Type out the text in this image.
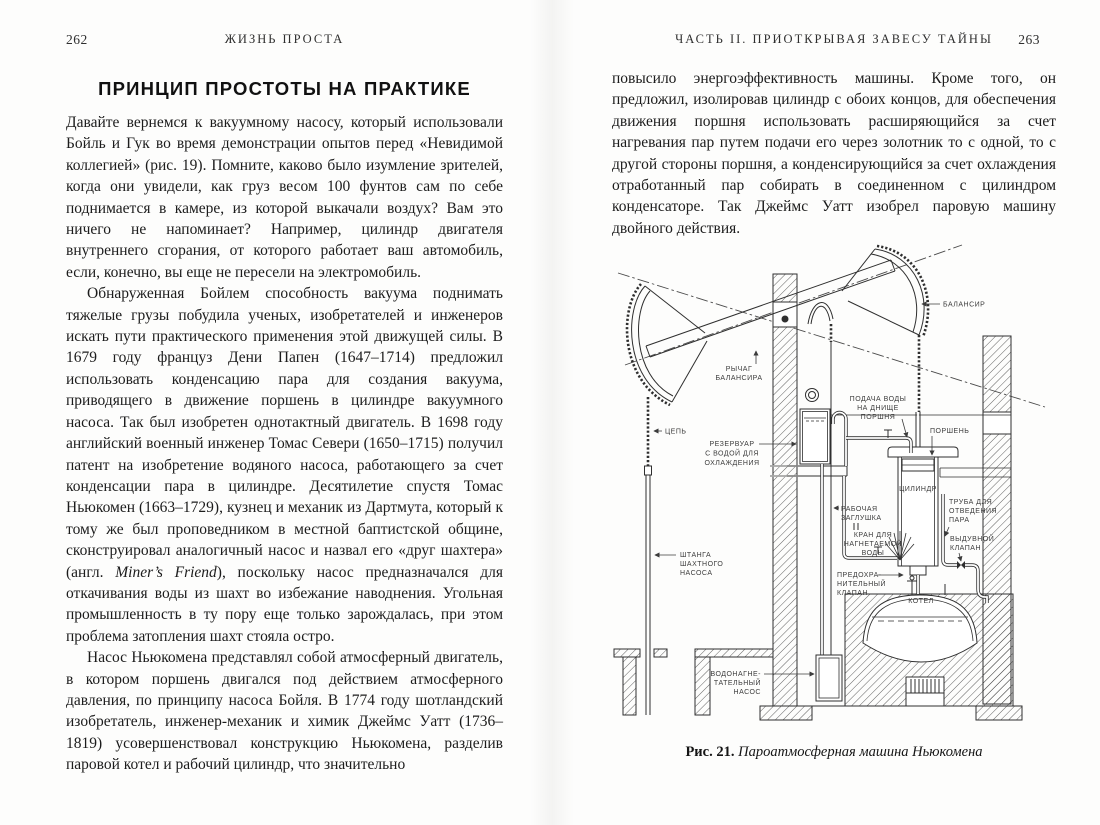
262	ЖИЗНЬ ПРОСТА
ПРИНЦИП ПРОСТОТЫ НА ПРАКТИКЕ

Давайте вернемся к вакуумному насосу, который использовали Бойль и Гук во время демонстрации опытов перед «Невидимой коллегией» (рис. 19). Помните, каково было изумление зрителей, когда они увидели, как груз весом 100 фунтов сам по себе поднимается в камере, из которой выкачали воздух? Вам это ничего не напоминает? Например, цилиндр двигателя внутреннего сгорания, от которого работает ваш автомобиль, если, конечно, вы еще не пересели на электромобиль.

Обнаруженная Бойлем способность вакуума поднимать тяжелые грузы побудила ученых, изобретателей и инженеров искать пути практического применения этой движущей силы. В 1679 году француз Дени Папен (1647–1714) предложил использовать конденсацию пара для создания вакуума, приводящего в движение поршень в цилиндре вакуумного насоса. Так был изобретен однотактный двигатель. В 1698 году английский военный инженер Томас Севери (1650–1715) получил патент на изобретение водяного насоса, работающего за счет конденсации пара в цилиндре. Десятилетие спустя Томас Ньюкомен (1663–1729), кузнец и механик из Дартмута, который к тому же был проповедником в местной баптистской общине, сконструировал аналогичный насос и назвал его «друг шахтера» (англ. Miner’s Friend), поскольку насос предназначался для откачивания воды из шахт во избежание наводнения. Угольная промышленность в ту пору еще только зарождалась, при этом проблема затопления шахт стояла остро.

Насос Ньюкомена представлял собой атмосферный двигатель, в котором поршень двигался под действием атмосферного давления, по принципу насоса Бойля. В 1774 году шотландский изобретатель, инженер-механик и химик Джеймс Уатт (1736–1819) усовершенствовал конструкцию Ньюкомена, разделив паровой котел и рабочий цилиндр, что значительно

ЧАСТЬ II. ПРИОТКРЫВАЯ ЗАВЕСУ ТАЙНЫ	263

повысило энергоэффективность машины. Кроме того, он предложил, изолировав цилиндр с обоих концов, для обеспечения движения поршня использовать расширяющийся за счет нагревания пар путем подачи его через золотник то с одной, то с другой стороны поршня, а конденсирующийся за счет охлаждения отработанный пар собирать в соединенном с цилиндром конденсаторе. Так Джеймс Уатт изобрел паровую машину двойного действия.

БАЛАНСИР
РЫЧАГ
БАЛАНСИРА
ЦЕПЬ
РЕЗЕРВУАР
С ВОДОЙ ДЛЯ
ОХЛАЖДЕНИЯ
ПОДАЧА ВОДЫ
НА ДНИЩЕ
ПОРШНЯ
ПОРШЕНЬ
ЦИЛИНДР
ТРУБА ДЛЯ
ОТВЕДЕНИЯ
ПАРА
ВЫДУВНОЙ
КЛАПАН
РАБОЧАЯ
ЗАГЛУШКА
КРАН ДЛЯ
НАГНЕТАЕМОЙ
ВОДЫ
ПРЕДОХРА-
НИТЕЛЬНЫЙ
КЛАПАН
КОТЕЛ
ШТАНГА
ШАХТНОГО
НАСОСА
ВОДОНАГНЕ-
ТАТЕЛЬНЫЙ
НАСОС
Рис. 21. Пароатмосферная машина Ньюкомена
